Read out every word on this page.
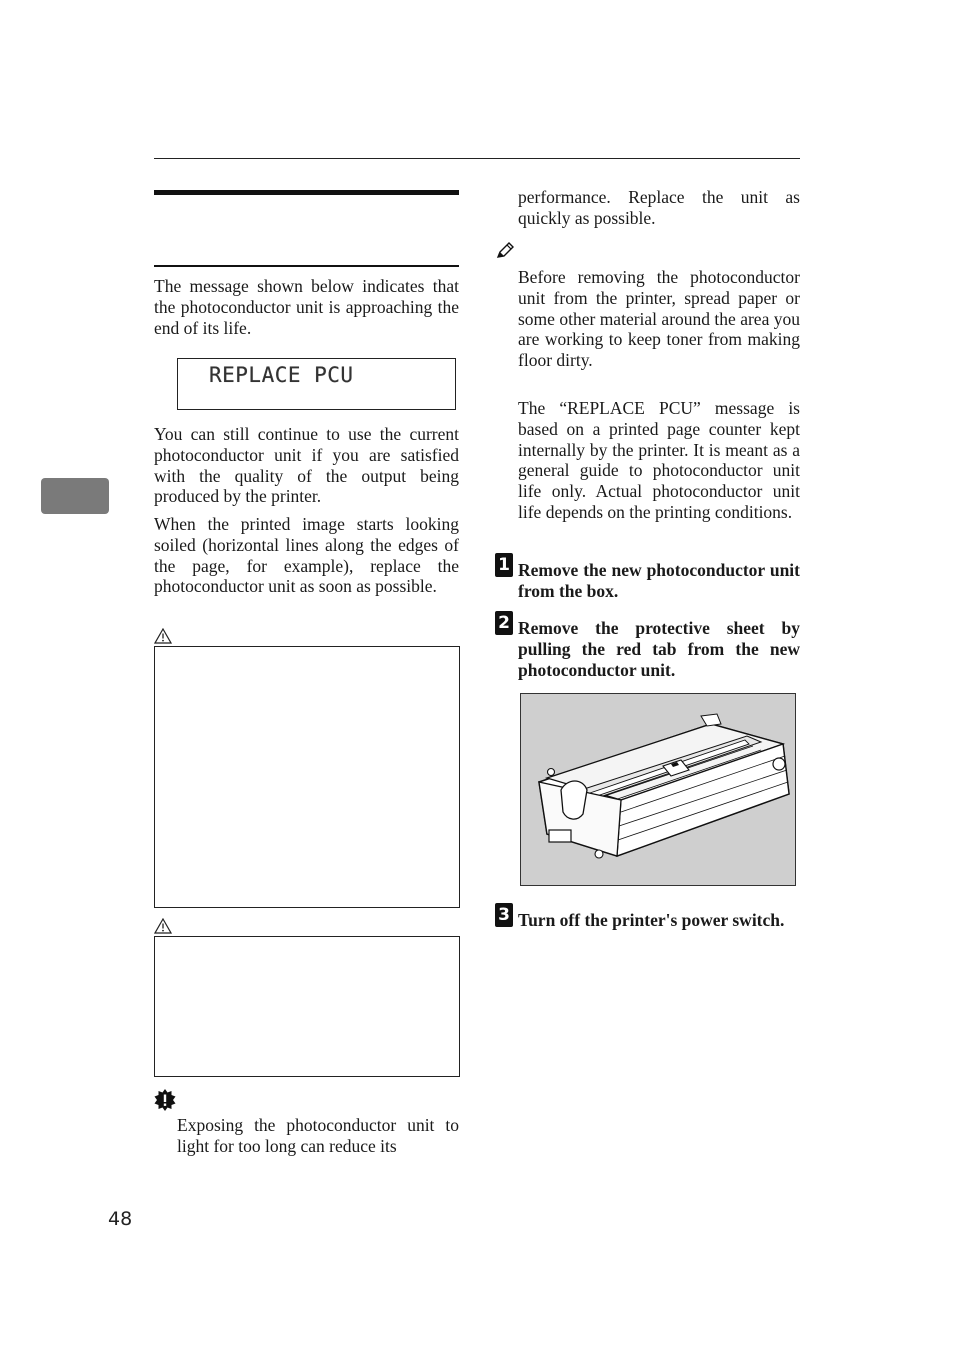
The message shown below indicates that the photoconductor unit is approaching the end of its life.

REPLACE PCU

You can still continue to use the current photoconductor unit if you are satisfied with the quality of the output being produced by the printer.

When the printed image starts looking soiled (horizontal lines along the edges of the page, for example), replace the photoconductor unit as soon as possible.

Exposing the photoconductor unit to light for too long can reduce its

48

performance. Replace the unit as quickly as possible.

Before removing the photoconductor unit from the printer, spread paper or some other material around the area you are working to keep toner from making floor dirty.

The “REPLACE PCU” message is based on a printed page counter kept internally by the printer. It is meant as a general guide to photoconductor unit life only. Actual photoconductor unit life depends on the printing conditions.

1 Remove the new photoconductor unit from the box.

2 Remove the protective sheet by pulling the red tab from the new photoconductor unit.

3 Turn off the printer's power switch.
